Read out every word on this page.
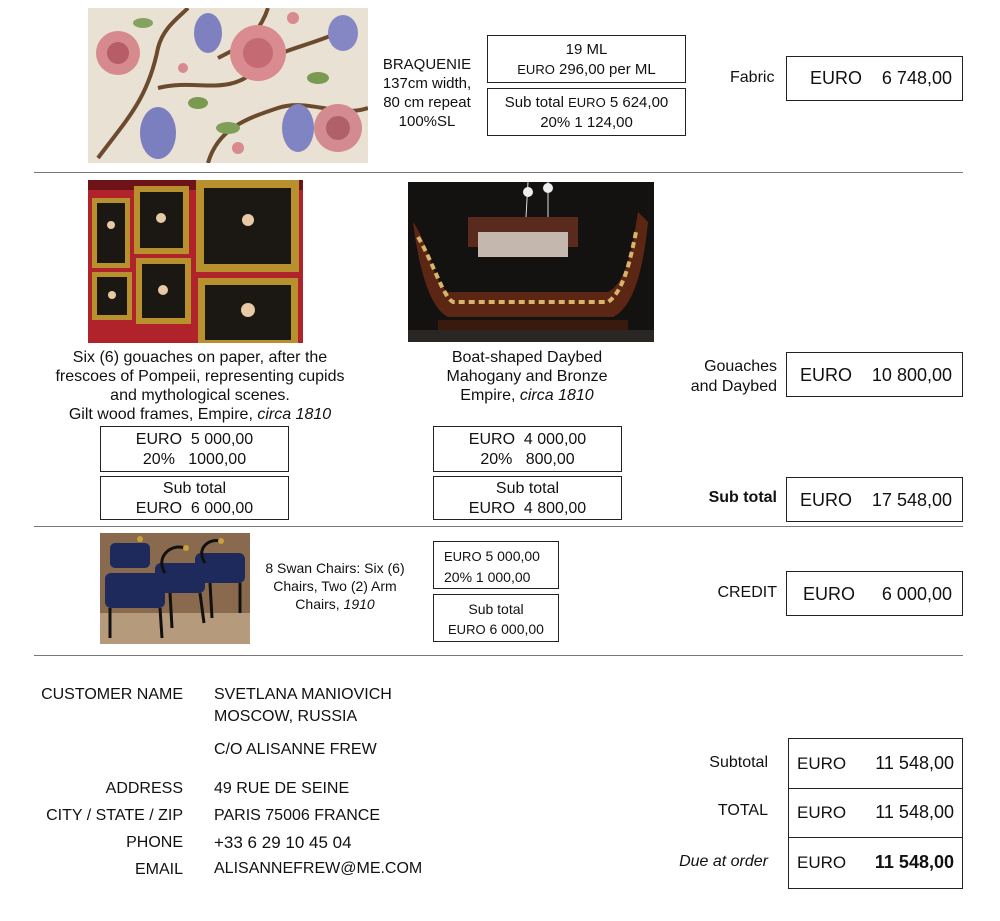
BRAQUENIE
137cm width,
80 cm repeat
100%SL
19 ML
EURO 296,00 per ML
Sub total EURO 5 624,00
20% 1 124,00
Fabric EURO 6 748,00
Six (6) gouaches on paper, after the
frescoes of Pompeii, representing cupids
and mythological scenes.
Gilt wood frames, Empire, circa 1810
Boat-shaped Daybed
Mahogany and Bronze
Empire, circa 1810
EURO  5 000,00
20%   1000,00
Sub total
EURO  6 000,00
EURO  4 000,00
20%   800,00
Sub total
EURO  4 800,00
Gouaches
and Daybed
EURO 10 800,00
Sub total EURO 17 548,00
8 Swan Chairs: Six (6)
Chairs, Two (2) Arm
Chairs, 1910
EURO 5 000,00
20% 1 000,00
Sub total
EURO 6 000,00
CREDIT EURO 6 000,00
CUSTOMER NAME SVETLANA MANIOVICH
MOSCOW, RUSSIA
C/O ALISANNE FREW
ADDRESS 49 RUE DE SEINE
CITY / STATE / ZIP PARIS 75006 FRANCE
PHONE +33 6 29 10 45 04
EMAIL ALISANNEFREW@ME.COM
Subtotal
TOTAL
Due at order
EURO 11 548,00
EURO 11 548,00
EURO 11 548,00
